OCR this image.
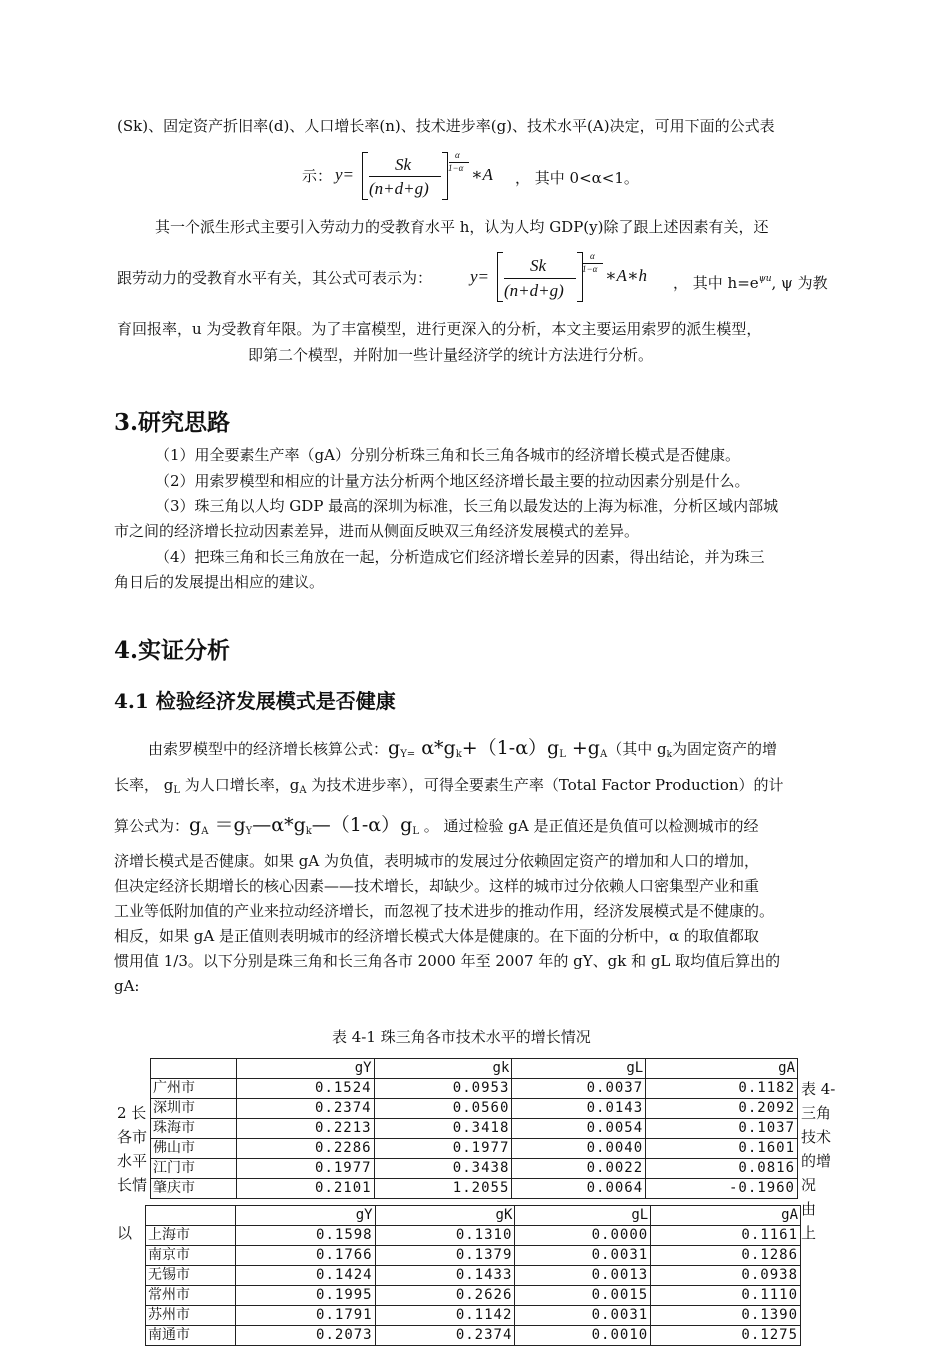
(Sk)、固定资产折旧率(d)、人口增长率(n)、技术进步率(g)、技术水平(A)决定，可用下面的公式表
示： y=
Sk
(n+d+g)
α
1−α ∗A ， 其中 0<α<1。
其一个派生形式主要引入劳动力的受教育水平 h，认为人均 GDP(y)除了跟上述因素有关，还
跟劳动力的受教育水平有关，其公式可表示为： y=
Sk
(n+d+g)
α
1−α ∗A∗h ， 其中 $h=e^{\psi u}$, ψ 为教
育回报率，u 为受教育年限。为了丰富模型，进行更深入的分析，本文主要运用索罗的派生模型，
即第二个模型，并附加一些计量经济学的统计方法进行分析。
3.研究思路
（1）用全要素生产率（gA）分别分析珠三角和长三角各城市的经济增长模式是否健康。
（2）用索罗模型和相应的计量方法分析两个地区经济增长最主要的拉动因素分别是什么。
（3）珠三角以人均 GDP 最高的深圳为标准，长三角以最发达的上海为标准，分析区域内部城
市之间的经济增长拉动因素差异，进而从侧面反映双三角经济发展模式的差异。
（4）把珠三角和长三角放在一起，分析造成它们经济增长差异的因素，得出结论，并为珠三
角日后的发展提出相应的建议。
4.实证分析
4.1 检验经济发展模式是否健康
由索罗模型中的经济增长核算公式：$g_{Y=}$ $\alpha*g_k+(1-\alpha)g_L +g_A$（其中 $g_k$为固定资产的增
长率， $g_L$ 为人口增长率，$g_A$ 为技术进步率），可得全要素生产率（Total Factor Production）的计
算公式为：$g_A$ $=g_Y—\alpha*g_k—(1-\alpha)g_L$ 。 通过检验 gA 是正值还是负值可以检测城市的经
济增长模式是否健康。如果 gA 为负值，表明城市的发展过分依赖固定资产的增加和人口的增加，
但决定经济长期增长的核心因素——技术增长，却缺少。这样的城市过分依赖人口密集型产业和重
工业等低附加值的产业来拉动经济增长，而忽视了技术进步的推动作用，经济发展模式是不健康的。
相反，如果 gA 是正值则表明城市的经济增长模式大体是健康的。在下面的分析中，α 的取值都取
惯用值 1/3。以下分别是珠三角和长三角各市 2000 年至 2007 年的 gY、gk 和 gL 取均值后算出的
gA:
表 4-1 珠三角各市技术水平的增长情况
表 4-
三角
技术
的增
况
由
上
2 长
各市
水平
长情

以
	gY	gk	gL	gA
广州市	0.1524	0.0953	0.0037	0.1182
深圳市	0.2374	0.0560	0.0143	0.2092
珠海市	0.2213	0.3418	0.0054	0.1037
佛山市	0.2286	0.1977	0.0040	0.1601
江门市	0.1977	0.3438	0.0022	0.0816
肇庆市	0.2101	1.2055	0.0064	-0.1960
	gY	gK	gL	gA
上海市	0.1598	0.1310	0.0000	0.1161
南京市	0.1766	0.1379	0.0031	0.1286
无锡市	0.1424	0.1433	0.0013	0.0938
常州市	0.1995	0.2626	0.0015	0.1110
苏州市	0.1791	0.1142	0.0031	0.1390
南通市	0.2073	0.2374	0.0010	0.1275
